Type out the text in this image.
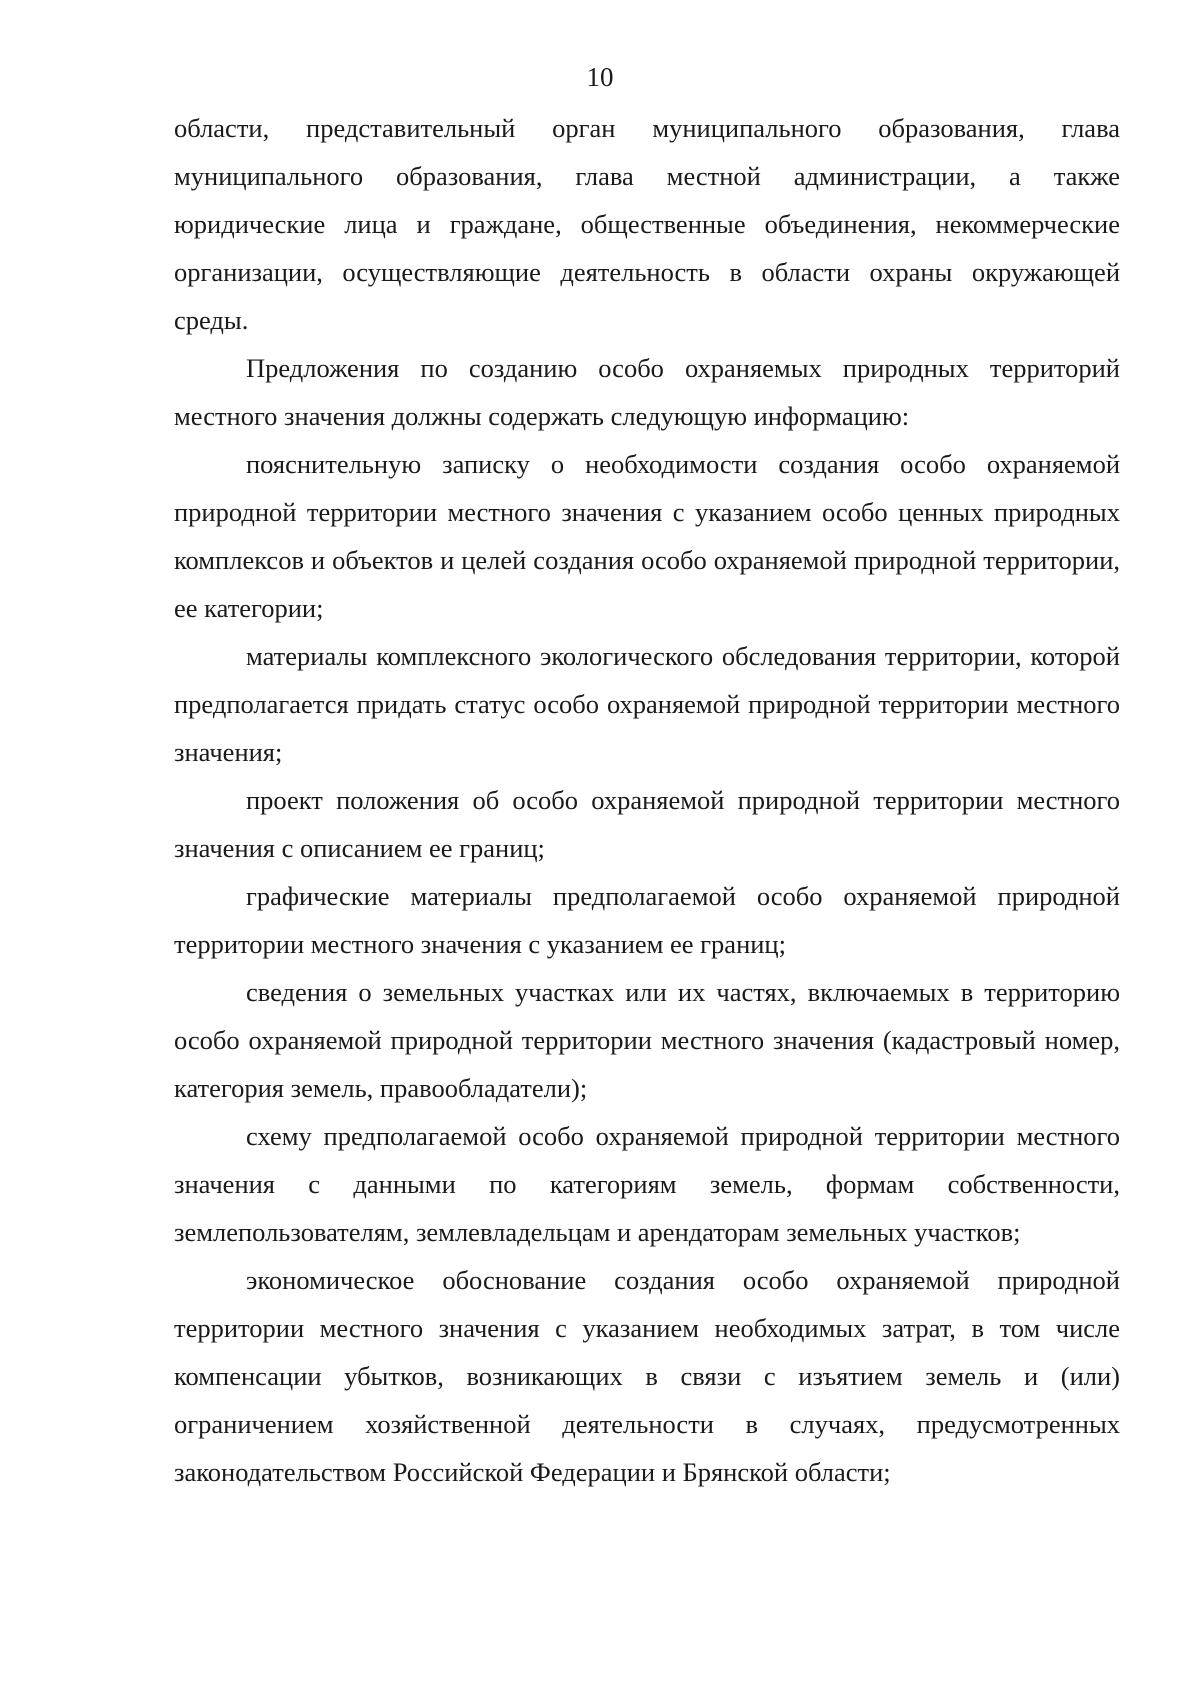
10

области, представительный орган муниципального образования, глава муниципального образования, глава местной администрации, а также юридические лица и граждане, общественные объединения, некоммерческие организации, осуществляющие деятельность в области охраны окружающей среды.

Предложения по созданию особо охраняемых природных территорий местного значения должны содержать следующую информацию:

пояснительную записку о необходимости создания особо охраняемой природной территории местного значения с указанием особо ценных природных комплексов и объектов и целей создания особо охраняемой природной территории, ее категории;

материалы комплексного экологического обследования территории, которой предполагается придать статус особо охраняемой природной территории местного значения;

проект положения об особо охраняемой природной территории местного значения с описанием ее границ;

графические материалы предполагаемой особо охраняемой природной территории местного значения с указанием ее границ;

сведения о земельных участках или их частях, включаемых в территорию особо охраняемой природной территории местного значения (кадастровый номер, категория земель, правообладатели);

схему предполагаемой особо охраняемой природной территории местного значения с данными по категориям земель, формам собственности, землепользователям, землевладельцам и арендаторам земельных участков;

экономическое обоснование создания особо охраняемой природной территории местного значения с указанием необходимых затрат, в том числе компенсации убытков, возникающих в связи с изъятием земель и (или) ограничением хозяйственной деятельности в случаях, предусмотренных законодательством Российской Федерации и Брянской области;
